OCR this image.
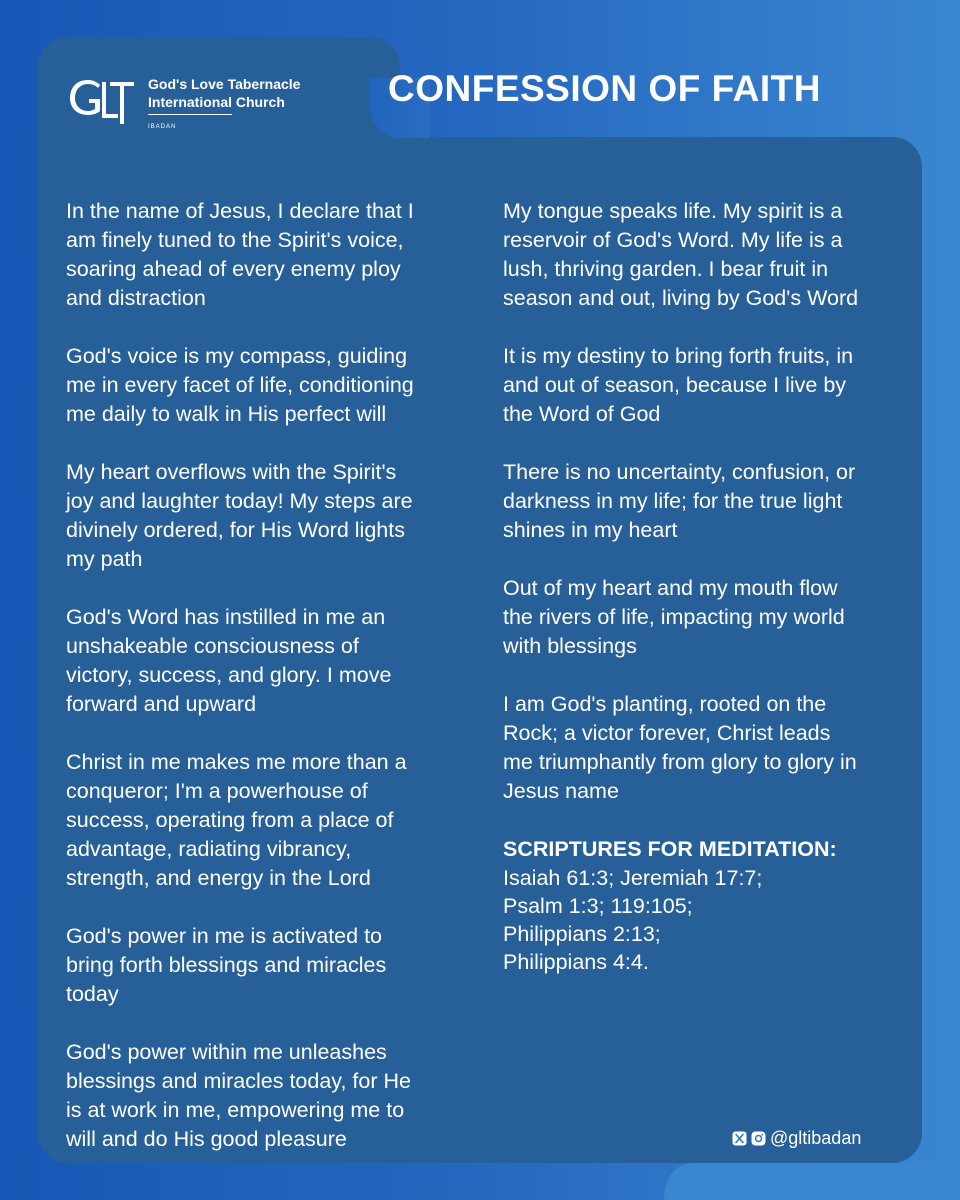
God's Love Tabernacle
International Church
IBADAN
CONFESSION OF FAITH

In the name of Jesus, I declare that I
am finely tuned to the Spirit's voice,
soaring ahead of every enemy ploy
and distraction

God's voice is my compass, guiding
me in every facet of life, conditioning
me daily to walk in His perfect will

My heart overflows with the Spirit's
joy and laughter today! My steps are
divinely ordered, for His Word lights
my path

God's Word has instilled in me an
unshakeable consciousness of
victory, success, and glory. I move
forward and upward

Christ in me makes me more than a
conqueror; I'm a powerhouse of
success, operating from a place of
advantage, radiating vibrancy,
strength, and energy in the Lord

God's power in me is activated to
bring forth blessings and miracles
today

God's power within me unleashes
blessings and miracles today, for He
is at work in me, empowering me to
will and do His good pleasure

My tongue speaks life. My spirit is a
reservoir of God's Word. My life is a
lush, thriving garden. I bear fruit in
season and out, living by God's Word

It is my destiny to bring forth fruits, in
and out of season, because I live by
the Word of God

There is no uncertainty, confusion, or
darkness in my life; for the true light
shines in my heart

Out of my heart and my mouth flow
the rivers of life, impacting my world
with blessings

I am God's planting, rooted on the
Rock; a victor forever, Christ leads
me triumphantly from glory to glory in
Jesus name

SCRIPTURES FOR MEDITATION:
Isaiah 61:3; Jeremiah 17:7;
Psalm 1:3; 119:105;
Philippians 2:13;
Philippians 4:4.
@gltibadan
